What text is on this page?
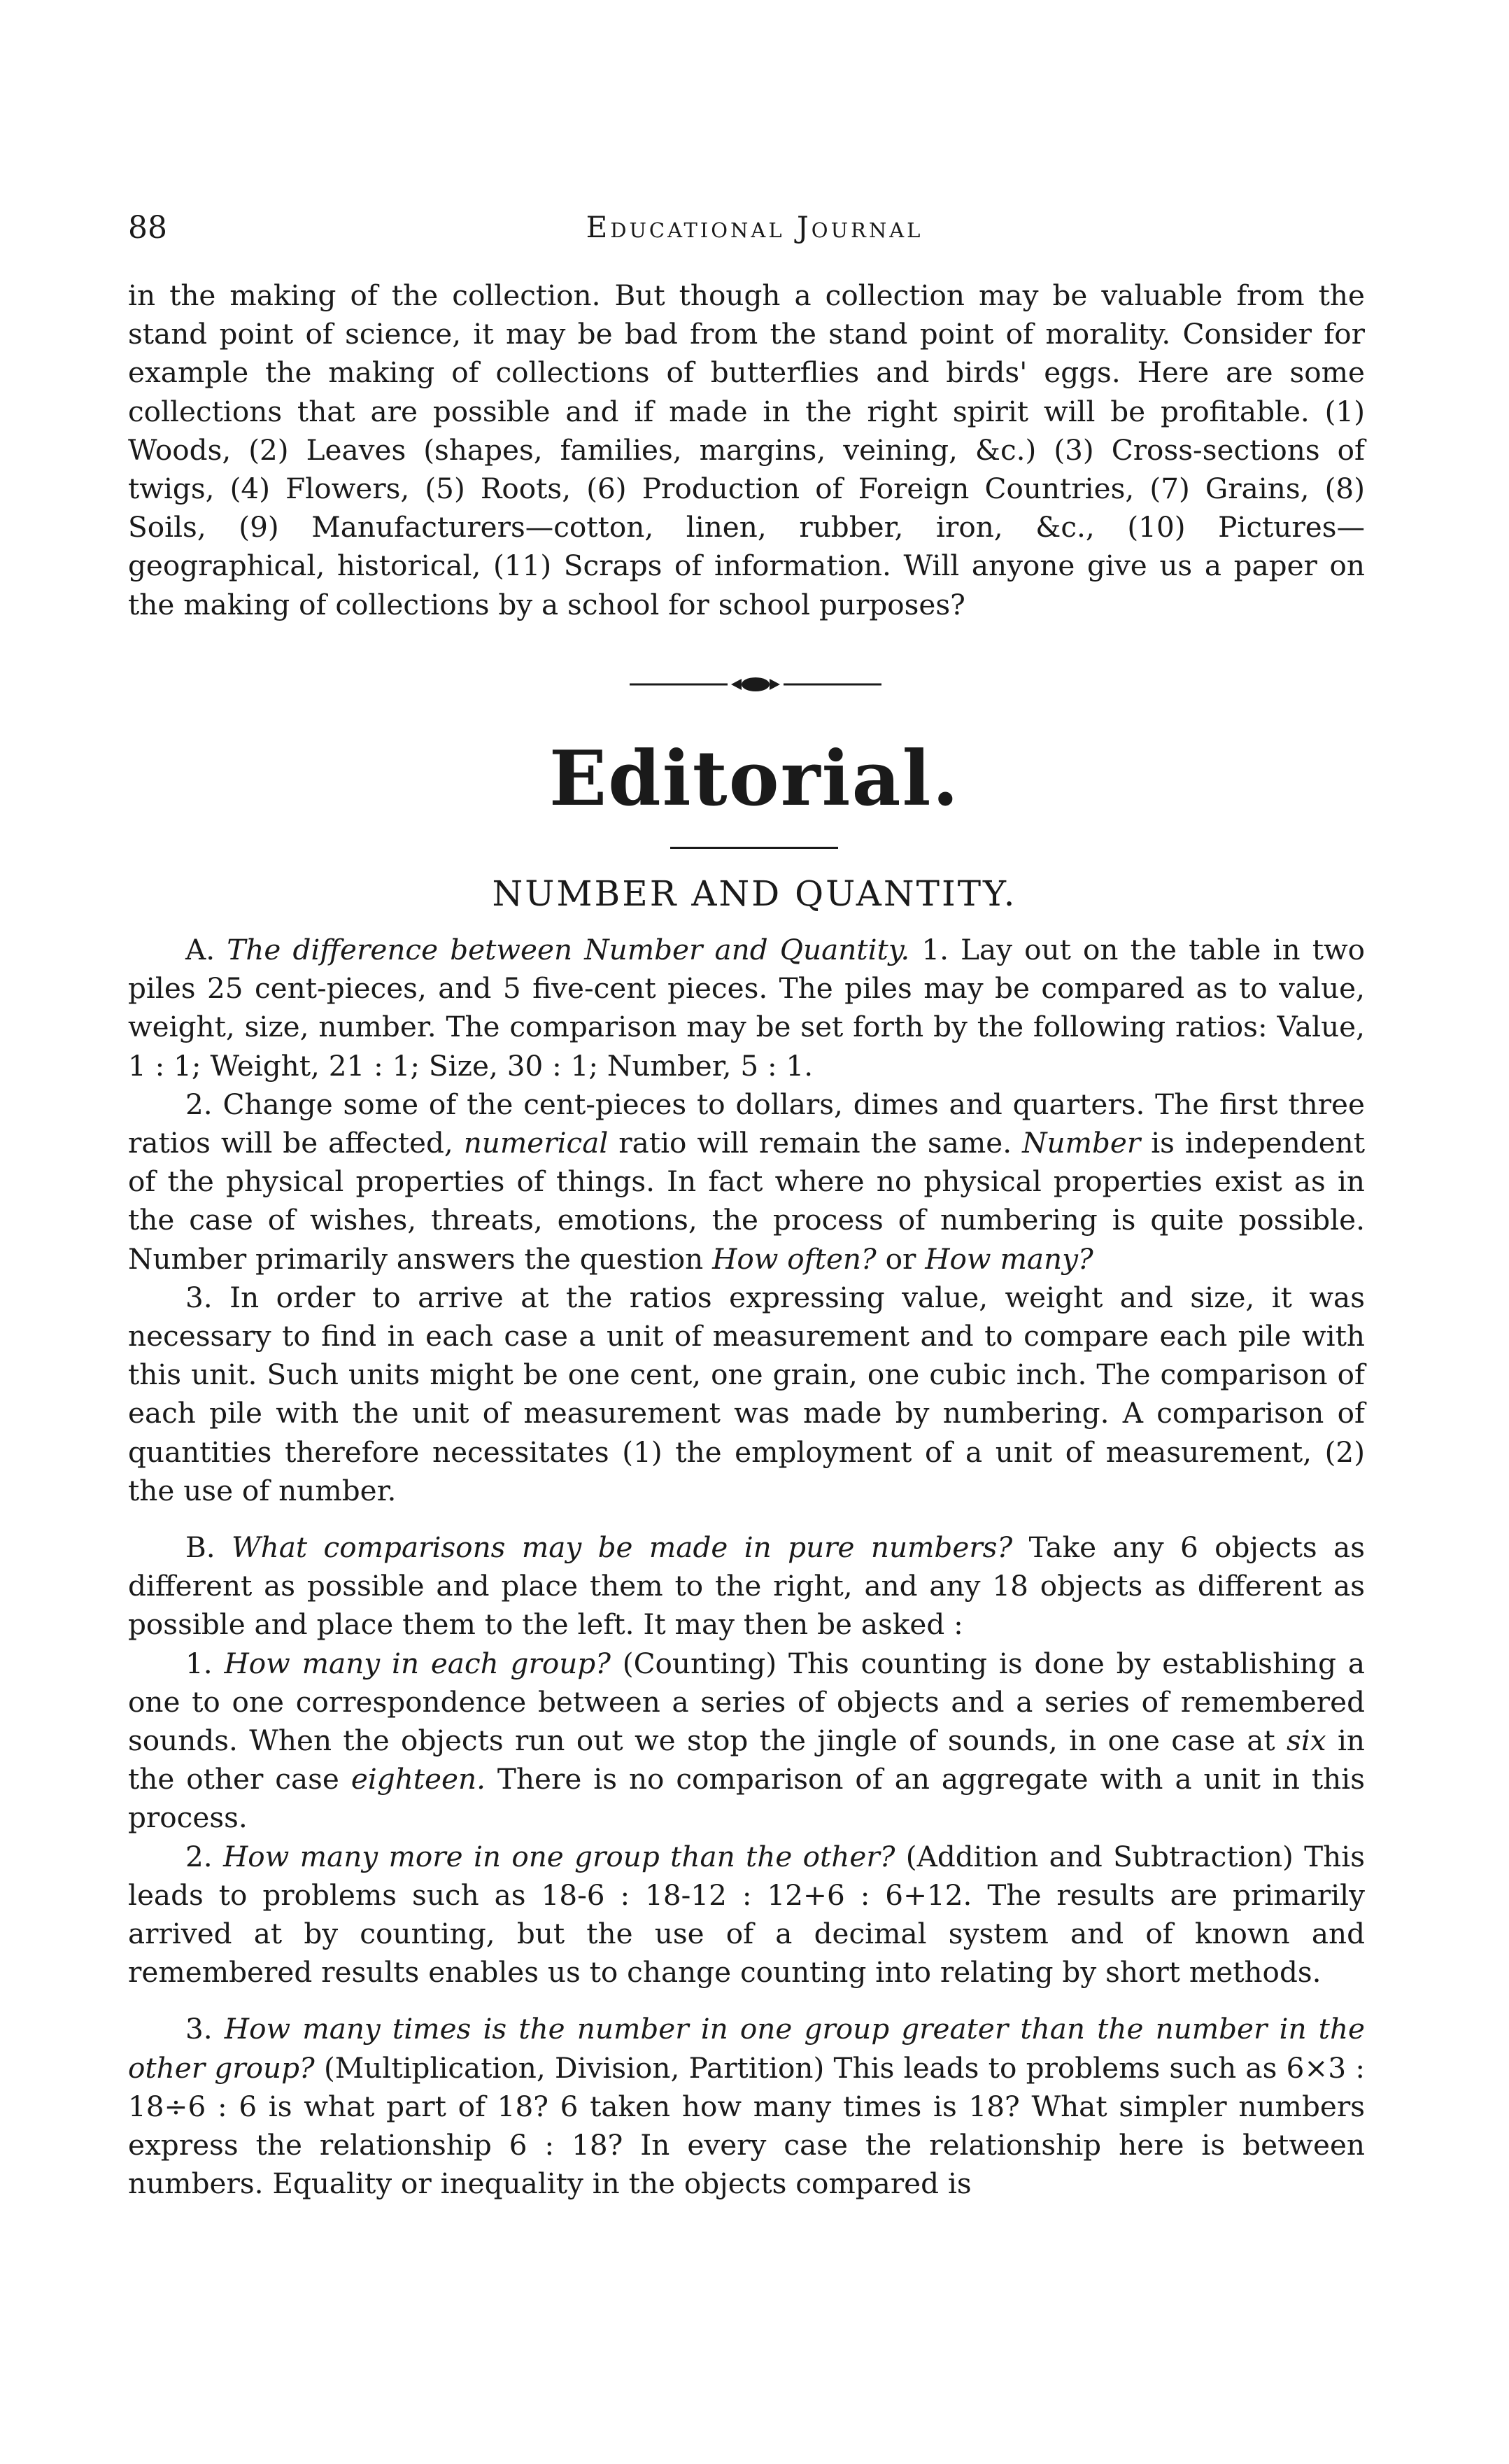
88	Educational Journal

in the making of the collection. But though a collection may be valuable from the stand point of science, it may be bad from the stand point of morality. Consider for example the making of collections of butterflies and birds' eggs. Here are some collections that are possible and if made in the right spirit will be profitable. (1) Woods, (2) Leaves (shapes, families, margins, veining, &c.) (3) Cross-sections of twigs, (4) Flowers, (5) Roots, (6) Production of Foreign Countries, (7) Grains, (8) Soils, (9) Manufacturers—cotton, linen, rubber, iron, &c., (10) Pictures—geographical, historical, (11) Scraps of information. Will anyone give us a paper on the making of collections by a school for school purposes?

Editorial.
NUMBER AND QUANTITY.

A. The difference between Number and Quantity. 1. Lay out on the table in two piles 25 cent-pieces, and 5 five-cent pieces. The piles may be compared as to value, weight, size, number. The comparison may be set forth by the following ratios: Value, 1 : 1; Weight, 21 : 1; Size, 30 : 1; Number, 5 : 1.

2. Change some of the cent-pieces to dollars, dimes and quarters. The first three ratios will be affected, numerical ratio will remain the same. Number is independent of the physical properties of things. In fact where no physical properties exist as in the case of wishes, threats, emotions, the process of numbering is quite possible. Number primarily answers the question How often? or How many?

3. In order to arrive at the ratios expressing value, weight and size, it was necessary to find in each case a unit of measurement and to compare each pile with this unit. Such units might be one cent, one grain, one cubic inch. The comparison of each pile with the unit of measurement was made by numbering. A comparison of quantities therefore necessitates (1) the employment of a unit of measurement, (2) the use of number.

B. What comparisons may be made in pure numbers? Take any 6 objects as different as possible and place them to the right, and any 18 objects as different as possible and place them to the left. It may then be asked :

1. How many in each group? (Counting) This counting is done by establishing a one to one correspondence between a series of objects and a series of remembered sounds. When the objects run out we stop the jingle of sounds, in one case at six in the other case eighteen. There is no comparison of an aggregate with a unit in this process.

2. How many more in one group than the other? (Addition and Subtraction) This leads to problems such as 18-6 : 18-12 : 12+6 : 6+12. The results are primarily arrived at by counting, but the use of a decimal system and of known and remembered results enables us to change counting into relating by short methods.

3. How many times is the number in one group greater than the number in the other group? (Multiplication, Division, Partition) This leads to problems such as 6×3 : 18÷6 : 6 is what part of 18? 6 taken how many times is 18? What simpler numbers express the relationship 6 : 18? In every case the relationship here is between numbers. Equality or inequality in the objects compared is
